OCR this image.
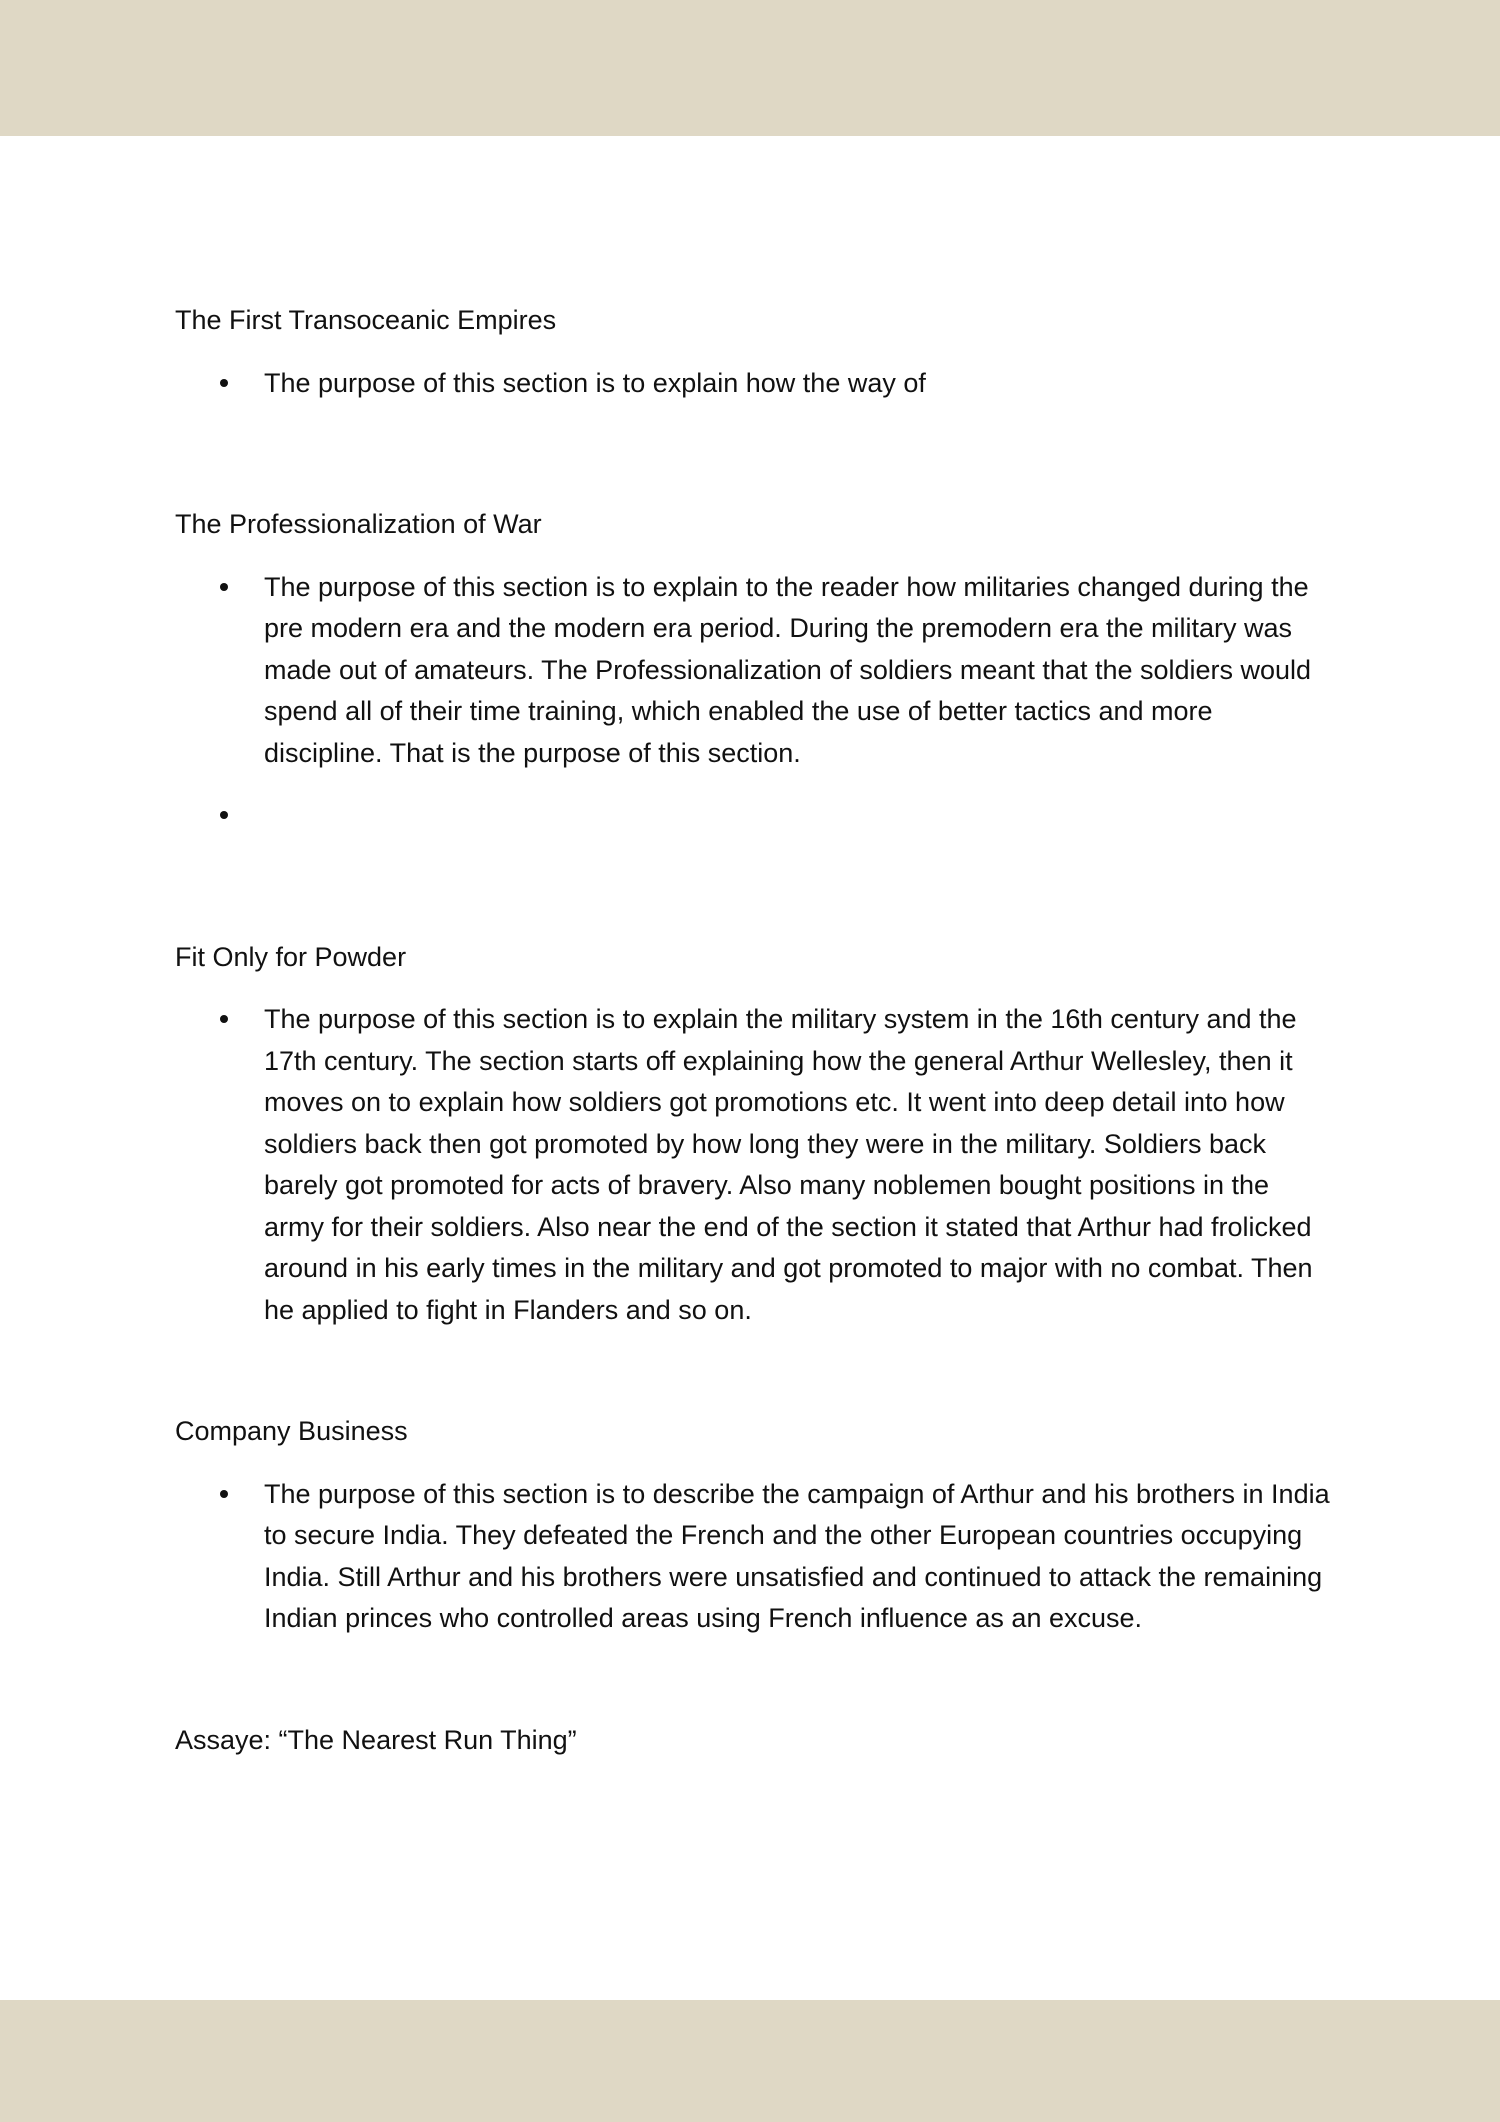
The First Transoceanic Empires

The purpose of this section is to explain how the way of

The Professionalization of War

The purpose of this section is to explain to the reader how militaries changed during the pre modern era and the modern era period. During the premodern era the military was made out of amateurs. The Professionalization of soldiers meant that the soldiers would spend all of their time training, which enabled the use of better tactics and more discipline. That is the purpose of this section.

Fit Only for Powder

The purpose of this section is to explain the military system in the 16th century and the 17th century. The section starts off explaining how the general Arthur Wellesley, then it moves on to explain how soldiers got promotions etc. It went into deep detail into how soldiers back then got promoted by how long they were in the military. Soldiers back barely got promoted for acts of bravery. Also many noblemen bought positions in the army for their soldiers. Also near the end of the section it stated that Arthur had frolicked around in his early times in the military and got promoted to major with no combat. Then he applied to fight in Flanders and so on.

Company Business

The purpose of this section is to describe the campaign of Arthur and his brothers in India to secure India. They defeated the French and the other European countries occupying India. Still Arthur and his brothers were unsatisfied and continued to attack the remaining Indian princes who controlled areas using French influence as an excuse.

Assaye: “The Nearest Run Thing”
